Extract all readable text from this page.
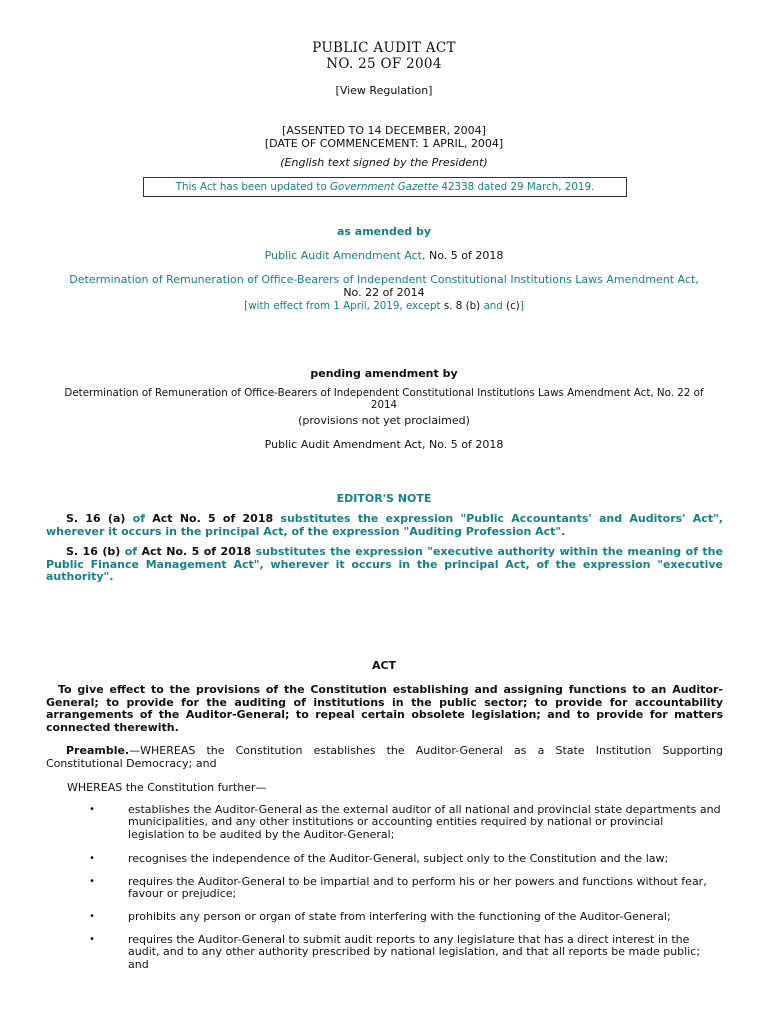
PUBLIC AUDIT ACT
NO. 25 OF 2004
[View Regulation]
[ASSENTED TO 14 DECEMBER, 2004]
[DATE OF COMMENCEMENT: 1 APRIL, 2004]
(English text signed by the President)
This Act has been updated to Government Gazette 42338 dated 29 March, 2019.
as amended by
Public Audit Amendment Act, No. 5 of 2018
Determination of Remuneration of Office-Bearers of Independent Constitutional Institutions Laws Amendment Act,
No. 22 of 2014
[with effect from 1 April, 2019, except s. 8 (b) and (c)]
pending amendment by
Determination of Remuneration of Office-Bearers of Independent Constitutional Institutions Laws Amendment Act, No. 22 of
2014
(provisions not yet proclaimed)
Public Audit Amendment Act, No. 5 of 2018
EDITOR'S NOTE
S. 16 (a) of Act No. 5 of 2018 substitutes the expression "Public Accountants' and Auditors' Act", wherever it occurs in the principal Act, of the expression "Auditing Profession Act".
S. 16 (b) of Act No. 5 of 2018 substitutes the expression "executive authority within the meaning of the Public Finance Management Act", wherever it occurs in the principal Act, of the expression "executive authority".
ACT
To give effect to the provisions of the Constitution establishing and assigning functions to an Auditor-General; to provide for the auditing of institutions in the public sector; to provide for accountability arrangements of the Auditor-General; to repeal certain obsolete legislation; and to provide for matters connected therewith.
Preamble.—WHEREAS the Constitution establishes the Auditor-General as a State Institution Supporting Constitutional Democracy; and
WHEREAS the Constitution further—
•	establishes the Auditor-General as the external auditor of all national and provincial state departments and municipalities, and any other institutions or accounting entities required by national or provincial legislation to be audited by the Auditor-General;
•	recognises the independence of the Auditor-General, subject only to the Constitution and the law;
•	requires the Auditor-General to be impartial and to perform his or her powers and functions without fear, favour or prejudice;
•	prohibits any person or organ of state from interfering with the functioning of the Auditor-General;
•	requires the Auditor-General to submit audit reports to any legislature that has a direct interest in the audit, and to any other authority prescribed by national legislation, and that all reports be made public; and
